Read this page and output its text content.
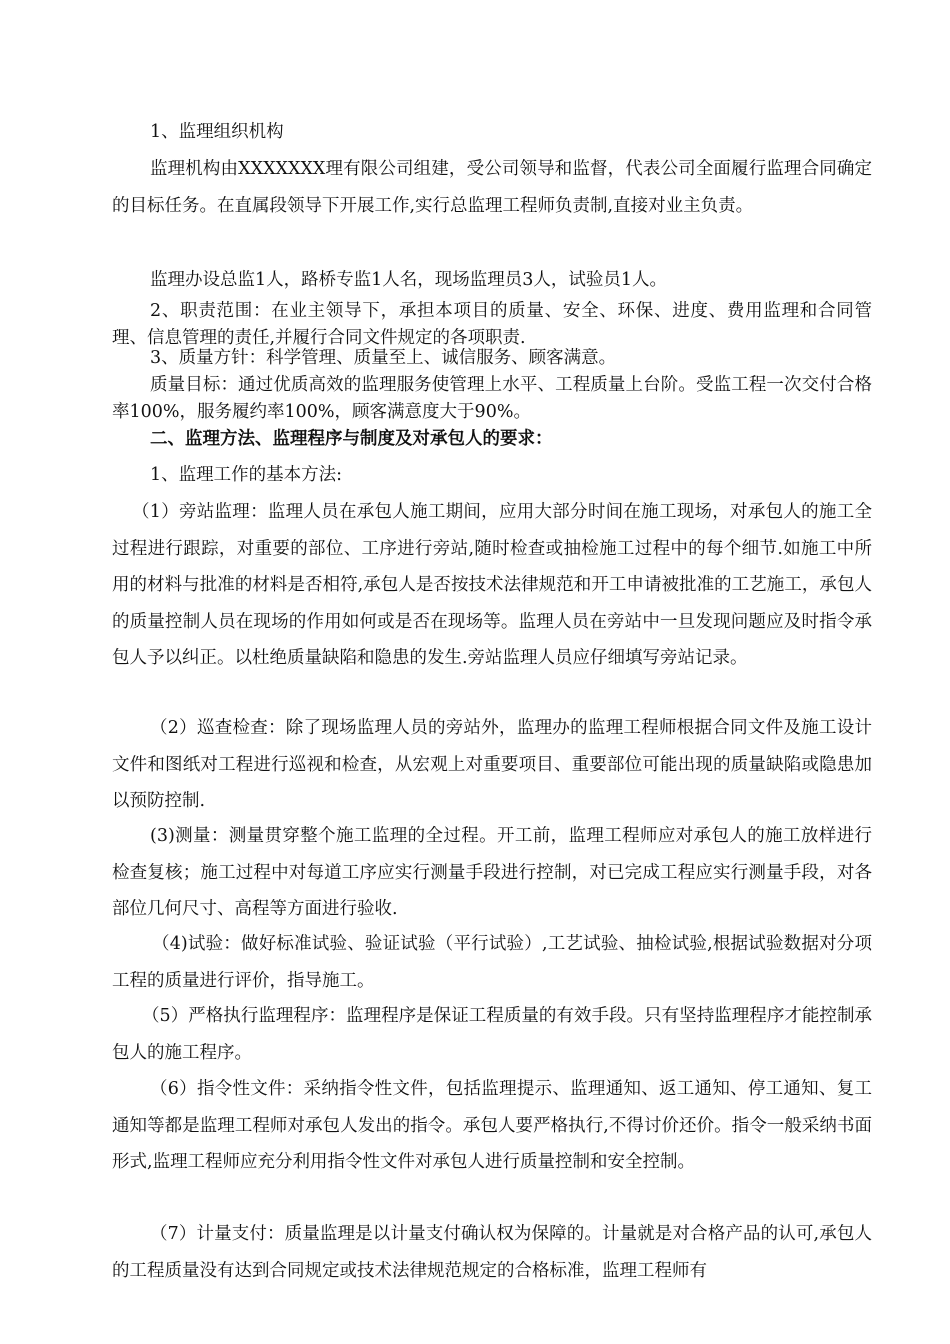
1、监理组织机构

监理机构由XXXXXXX理有限公司组建，受公司领导和监督，代表公司全面履行监理合同确定的目标任务。在直属段领导下开展工作,实行总监理工程师负责制,直接对业主负责。

监理办设总监1人，路桥专监1人名，现场监理员3人，试验员1人。

2、职责范围：在业主领导下，承担本项目的质量、安全、环保、进度、费用监理和合同管理、信息管理的责任,并履行合同文件规定的各项职责.

3、质量方针：科学管理、质量至上、诚信服务、顾客满意。

质量目标：通过优质高效的监理服务使管理上水平、工程质量上台阶。受监工程一次交付合格率100%，服务履约率100%，顾客满意度大于90%。

二、监理方法、监理程序与制度及对承包人的要求：

1、监理工作的基本方法:

（1）旁站监理：监理人员在承包人施工期间，应用大部分时间在施工现场，对承包人的施工全过程进行跟踪，对重要的部位、工序进行旁站,随时检查或抽检施工过程中的每个细节.如施工中所用的材料与批准的材料是否相符,承包人是否按技术法律规范和开工申请被批准的工艺施工，承包人的质量控制人员在现场的作用如何或是否在现场等。监理人员在旁站中一旦发现问题应及时指令承包人予以纠正。以杜绝质量缺陷和隐患的发生.旁站监理人员应仔细填写旁站记录。

（2）巡查检查：除了现场监理人员的旁站外，监理办的监理工程师根据合同文件及施工设计文件和图纸对工程进行巡视和检查，从宏观上对重要项目、重要部位可能出现的质量缺陷或隐患加以预防控制.

(3)测量：测量贯穿整个施工监理的全过程。开工前，监理工程师应对承包人的施工放样进行检查复核；施工过程中对每道工序应实行测量手段进行控制，对已完成工程应实行测量手段，对各部位几何尺寸、高程等方面进行验收.

（4)试验：做好标准试验、验证试验（平行试验）,工艺试验、抽检试验,根据试验数据对分项工程的质量进行评价，指导施工。

（5）严格执行监理程序：监理程序是保证工程质量的有效手段。只有坚持监理程序才能控制承包人的施工程序。

（6）指令性文件：采纳指令性文件，包括监理提示、监理通知、返工通知、停工通知、复工通知等都是监理工程师对承包人发出的指令。承包人要严格执行,不得讨价还价。指令一般采纳书面形式,监理工程师应充分利用指令性文件对承包人进行质量控制和安全控制。

（7）计量支付：质量监理是以计量支付确认权为保障的。计量就是对合格产品的认可,承包人的工程质量没有达到合同规定或技术法律规范规定的合格标准，监理工程师有
